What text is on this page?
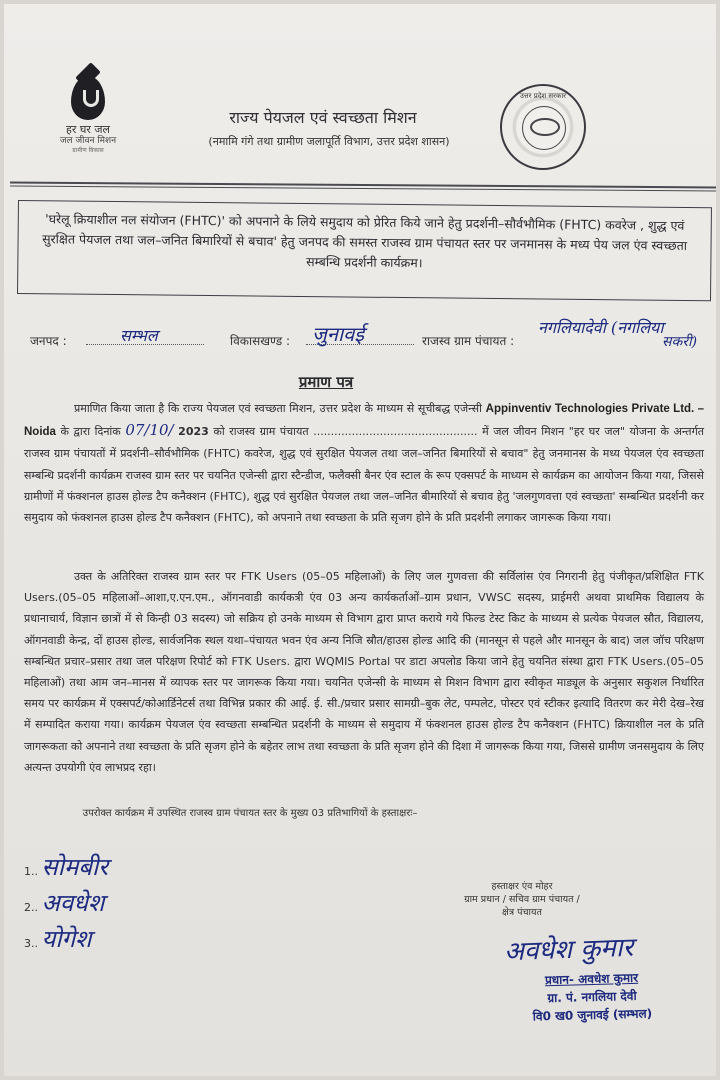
हर घर जल
जल जीवन मिशन
ग्रामीण विकास
राज्य पेयजल एवं स्वच्छता मिशन
(नमामि गंगे तथा ग्रामीण जलापूर्ति विभाग, उत्तर प्रदेश शासन)
उत्तर प्रदेश सरकार
'घरेलू क्रियाशील नल संयोजन (FHTC)' को अपनाने के लिये समुदाय को प्रेरित किये जाने हेतु प्रदर्शनी–सौर्वभौमिक (FHTC) कवरेज , शुद्ध एवं सुरक्षित पेयजल तथा जल–जनित बिमारियों से बचाव' हेतु जनपद की समस्त राजस्व ग्राम पंचायत स्तर पर जनमानस के मध्य पेय जल एंव स्वच्छता सम्बन्धि प्रदर्शनी कार्यक्रम।
जनपद :	सम्भल	विकासखण्ड : जुनावई	राजस्व ग्राम पंचायत :
नगलियादेवी (नगलिया
सकरी)
प्रमाण पत्र

प्रमाणित किया जाता है कि राज्य पेयजल एवं स्वच्छता मिशन, उत्तर प्रदेश के माध्यम से सूचीबद्ध एजेन्सी Appinventiv Technologies Private Ltd. – Noida के द्वारा दिनांक 07/10/ 2023 को राजस्व ग्राम पंचायत ............................................... में जल जीवन मिशन "हर घर जल" योजना के अन्तर्गत राजस्व ग्राम पंचायतों में प्रदर्शनी–सौर्वभौमिक (FHTC) कवरेज, शुद्ध एवं सुरक्षित पेयजल तथा जल–जनित बिमारियों से बचाव" हेतु जनमानस के मध्य पेयजल एंव स्वच्छता सम्बन्धि प्रदर्शनी कार्यक्रम राजस्व ग्राम स्तर पर चयनित एजेन्सी द्वारा स्टैन्डीज, फलैक्सी बैनर एंव स्टाल के रूप एक्सपर्ट के माध्यम से कार्यक्रम का आयोजन किया गया, जिससे ग्रामीणों में फंक्शनल हाउस होल्ड टैप कनैक्शन (FHTC), शुद्ध एवं सुरक्षित पेयजल तथा जल–जनित बीमारियों से बचाव हेतु 'जलगुणवत्ता एवं स्वच्छता' सम्बन्धित प्रदर्शनी कर समुदाय को फंक्शनल हाउस होल्ड टैप कनैक्शन (FHTC), को अपनाने तथा स्वच्छता के प्रति सृजग होने के प्रति प्रदर्शनी लगाकर जागरूक किया गया।

उक्त के अतिरिक्त राजस्व ग्राम स्तर पर FTK Users (05–05 महिलाओं) के लिए जल गुणवत्ता की सर्विलांस एंव निगरानी हेतु पंजीकृत/प्रशिक्षित FTK Users.(05–05 महिलाओं–आशा,ए.एन.एम., ऑगनवाडी कार्यकत्री एंव 03 अन्य कार्यकर्ताओं–ग्राम प्रधान, VWSC सदस्य, प्राईमरी अथवा प्राथमिक विद्यालय के प्रधानाचार्य, विज्ञान छात्रों में से किन्ही 03 सदस्य) जो सक्रिय हो उनके माध्यम से विभाग द्वारा प्राप्त कराये गये फिल्ड टेस्ट किट के माध्यम से प्रत्येक पेयजल स्रौत, विद्यालय, ऑगनवाडी केन्द्र, दों हाउस होल्ड, सार्वजनिक स्थल यथा–पंचायत भवन एंव अन्य निजि स्रौत/हाउस होल्ड आदि की (मानसून से पहले और मानसून के बाद) जल जॉच परिक्षण सम्बन्धित प्रचार–प्रसार तथा जल परिक्षण रिपोर्ट को FTK Users. द्वारा WQMIS Portal पर डाटा अपलोड किया जाने हेतु चयनित संस्था द्वारा FTK Users.(05–05 महिलाओं) तथा आम जन–मानस में व्यापक स्तर पर जागरूक किया गया। चयनित एजेन्सी के माध्यम से मिशन विभाग द्वारा स्वीकृत माड्यूल के अनुसार सकुशल निर्धारित समय पर कार्यक्रम में एक्सपर्ट/कोआर्डिनेटर्स तथा विभिन्न प्रकार की आई. ई. सी./प्रचार प्रसार सामग्री–बुक लेट, पम्पलेट, पोस्टर एवं स्टीकर इत्यादि वितरण कर मेरी देख–रेख में सम्पादित कराया गया। कार्यक्रम पेयजल एंव स्वच्छता सम्बन्धित प्रदर्शनी के माध्यम से समुदाय में फंक्शनल हाउस होल्ड टैप कनैक्शन (FHTC) क्रियाशील नल के प्रति जागरूकता को अपनाने तथा स्वच्छता के प्रति सृजग होने के बहेतर लाभ तथा स्वच्छता के प्रति सृजग होने की दिशा में जागरूक किया गया, जिससे ग्रामीण जनसमुदाय के लिए अत्यन्त उपयोगी एंव लाभप्रद रहा।

उपरोक्त कार्यक्रम में उपस्थित राजस्व ग्राम पंचायत स्तर के मुख्य 03 प्रतिभागियों के हस्ताक्षरः–
1.. सोमबीर
2.. अवधेश
3.. योगेश
हस्ताक्षर एंव मोहर
ग्राम प्रधान / सचिव ग्राम पंचायत /
क्षेत्र पंचायत
अवधेश कुमार
प्रधान- अवधेश कुमार
ग्रा. पं. नगलिया देवी
वि0 ख0 जुनावई (सम्भल)
